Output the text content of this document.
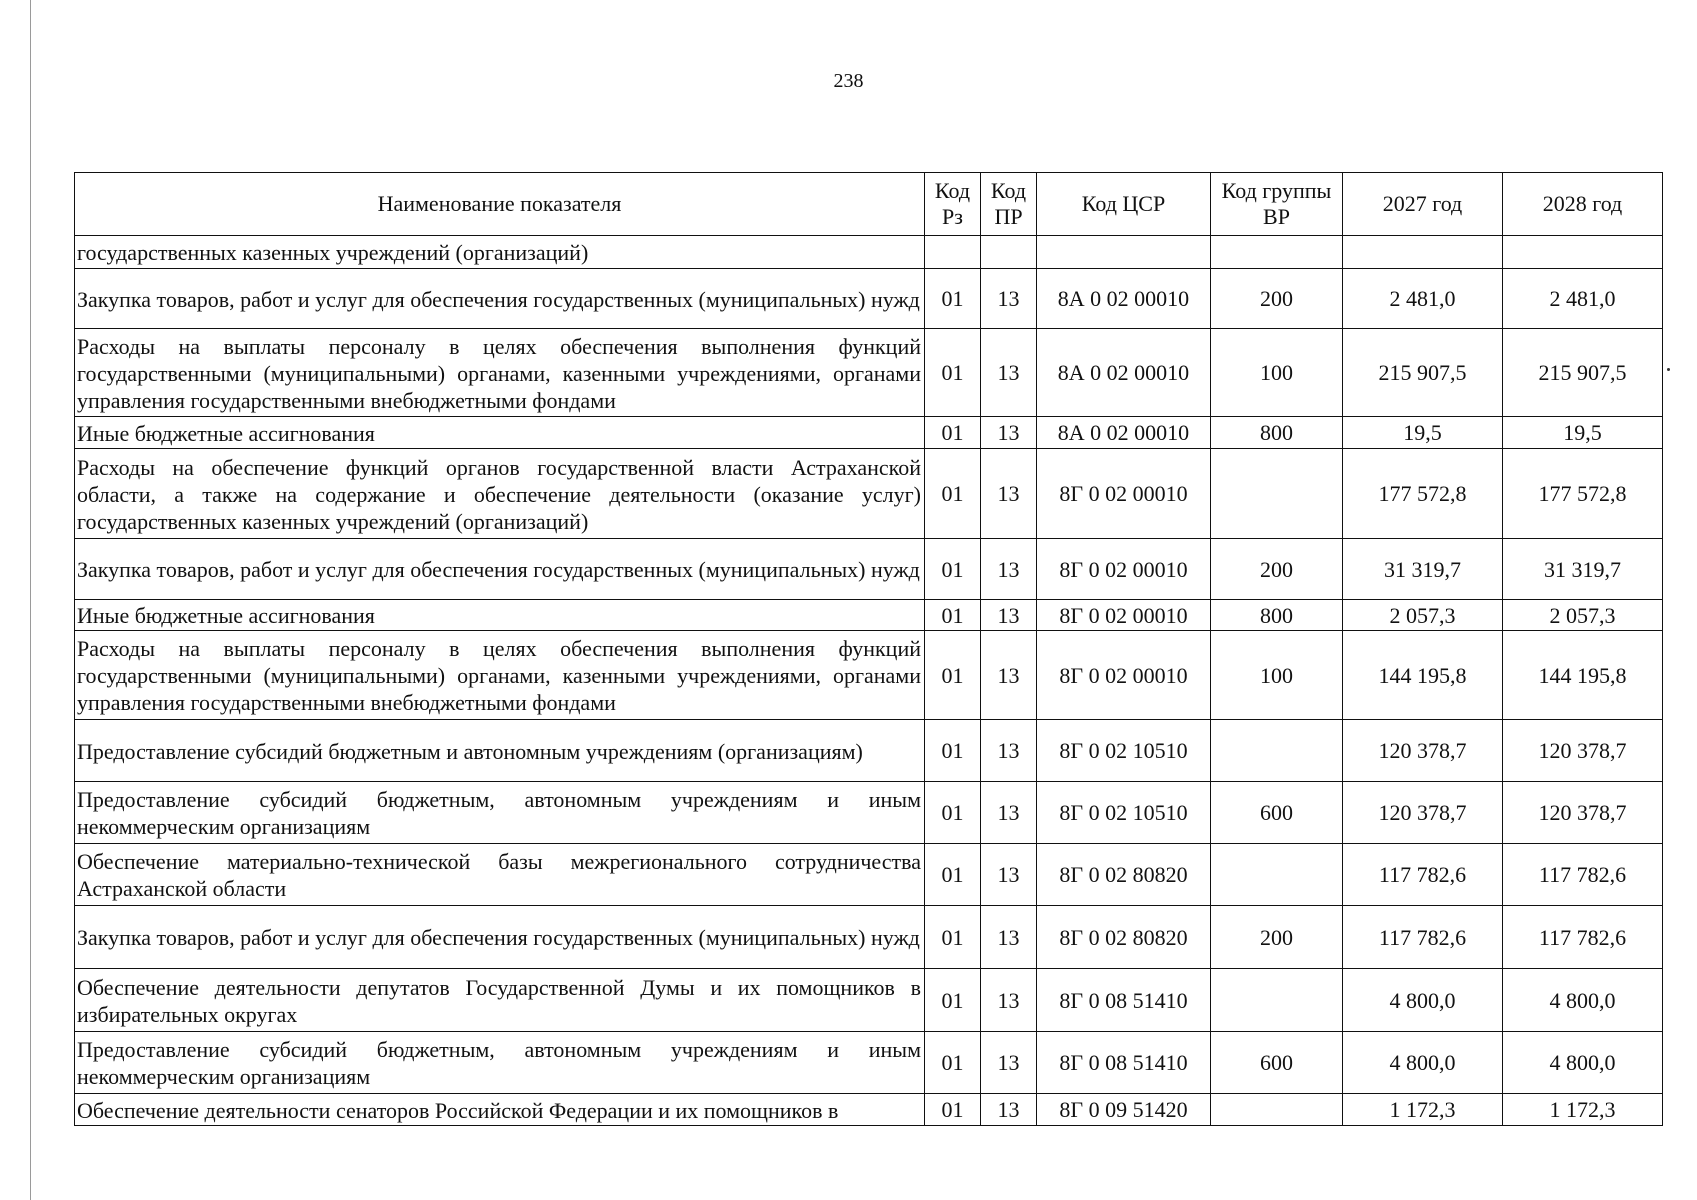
238
Наименование показателя	Код Рз	Код ПР	Код ЦСР	Код группы ВР	2027 год	2028 год
государственных казенных учреждений (организаций)						
Закупка товаров, работ и услуг для обеспечения государственных (муниципальных) нужд	01	13	8А 0 02 00010	200	2 481,0	2 481,0
Расходы на выплаты персоналу в целях обеспечения выполнения функций государственными (муниципальными) органами, казенными учреждениями, органами управления государственными внебюджетными фондами	01	13	8А 0 02 00010	100	215 907,5	215 907,5
Иные бюджетные ассигнования	01	13	8А 0 02 00010	800	19,5	19,5
Расходы на обеспечение функций органов государственной власти Астраханской области, а также на содержание и обеспечение деятельности (оказание услуг) государственных казенных учреждений (организаций)	01	13	8Г 0 02 00010		177 572,8	177 572,8
Закупка товаров, работ и услуг для обеспечения государственных (муниципальных) нужд	01	13	8Г 0 02 00010	200	31 319,7	31 319,7
Иные бюджетные ассигнования	01	13	8Г 0 02 00010	800	2 057,3	2 057,3
Расходы на выплаты персоналу в целях обеспечения выполнения функций государственными (муниципальными) органами, казенными учреждениями, органами управления государственными внебюджетными фондами	01	13	8Г 0 02 00010	100	144 195,8	144 195,8
Предоставление субсидий бюджетным и автономным учреждениям (организациям)	01	13	8Г 0 02 10510		120 378,7	120 378,7
Предоставление субсидий бюджетным, автономным учреждениям и иным некоммерческим организациям	01	13	8Г 0 02 10510	600	120 378,7	120 378,7
Обеспечение материально-технической базы межрегионального сотрудничества Астраханской области	01	13	8Г 0 02 80820		117 782,6	117 782,6
Закупка товаров, работ и услуг для обеспечения государственных (муниципальных) нужд	01	13	8Г 0 02 80820	200	117 782,6	117 782,6
Обеспечение деятельности депутатов Государственной Думы и их помощников в избирательных округах	01	13	8Г 0 08 51410		4 800,0	4 800,0
Предоставление субсидий бюджетным, автономным учреждениям и иным некоммерческим организациям	01	13	8Г 0 08 51410	600	4 800,0	4 800,0
Обеспечение деятельности сенаторов Российской Федерации и их помощников в	01	13	8Г 0 09 51420		1 172,3	1 172,3
